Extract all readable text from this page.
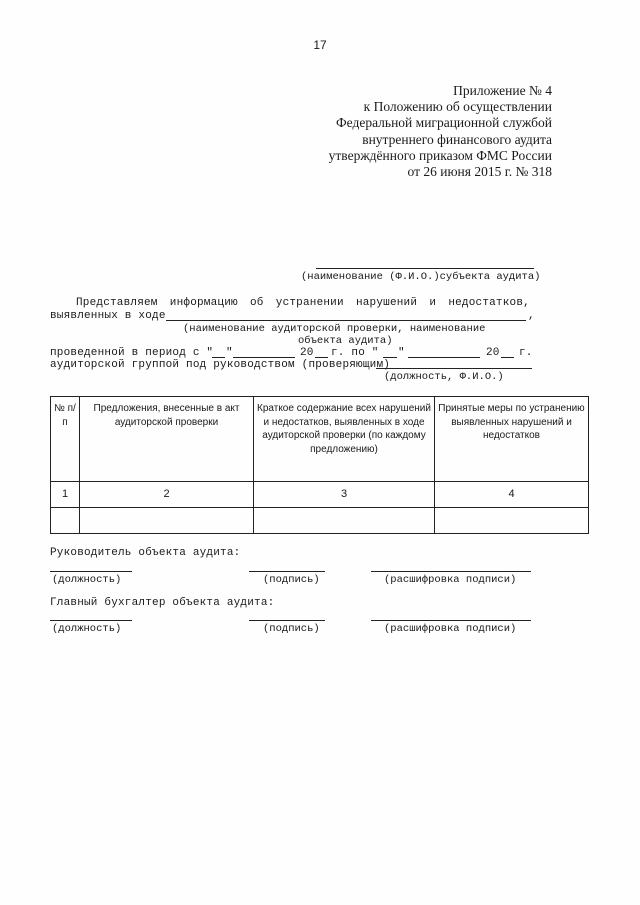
17
Приложение № 4
к Положению об осуществлении
Федеральной миграционной службой
внутреннего финансового аудита
утверждённого приказом ФМС России
от 26 июня 2015 г. № 318
(наименование (Ф.И.О.)субъекта аудита)
Представляем информацию об устранении нарушений и недостатков,
выявленных в ходе	,
(наименование аудиторской проверки, наименование
объекта аудита)
проведенной в период с " "	20 г. по " "	20 г.
аудиторской группой под руководством (проверяющим)
(должность, Ф.И.О.)
№ п/п	Предложения, внесенные в акт аудиторской проверки	Краткое содержание всех нарушений и недостатков, выявленных в ходе аудиторской проверки (по каждому предложению)	Принятые меры по устранению выявленных нарушений и недостатков
1	2	3	4

Руководитель объекта аудита:
(должность)	(подпись)	(расшифровка подписи)
Главный бухгалтер объекта аудита:
(должность)	(подпись)	(расшифровка подписи)
